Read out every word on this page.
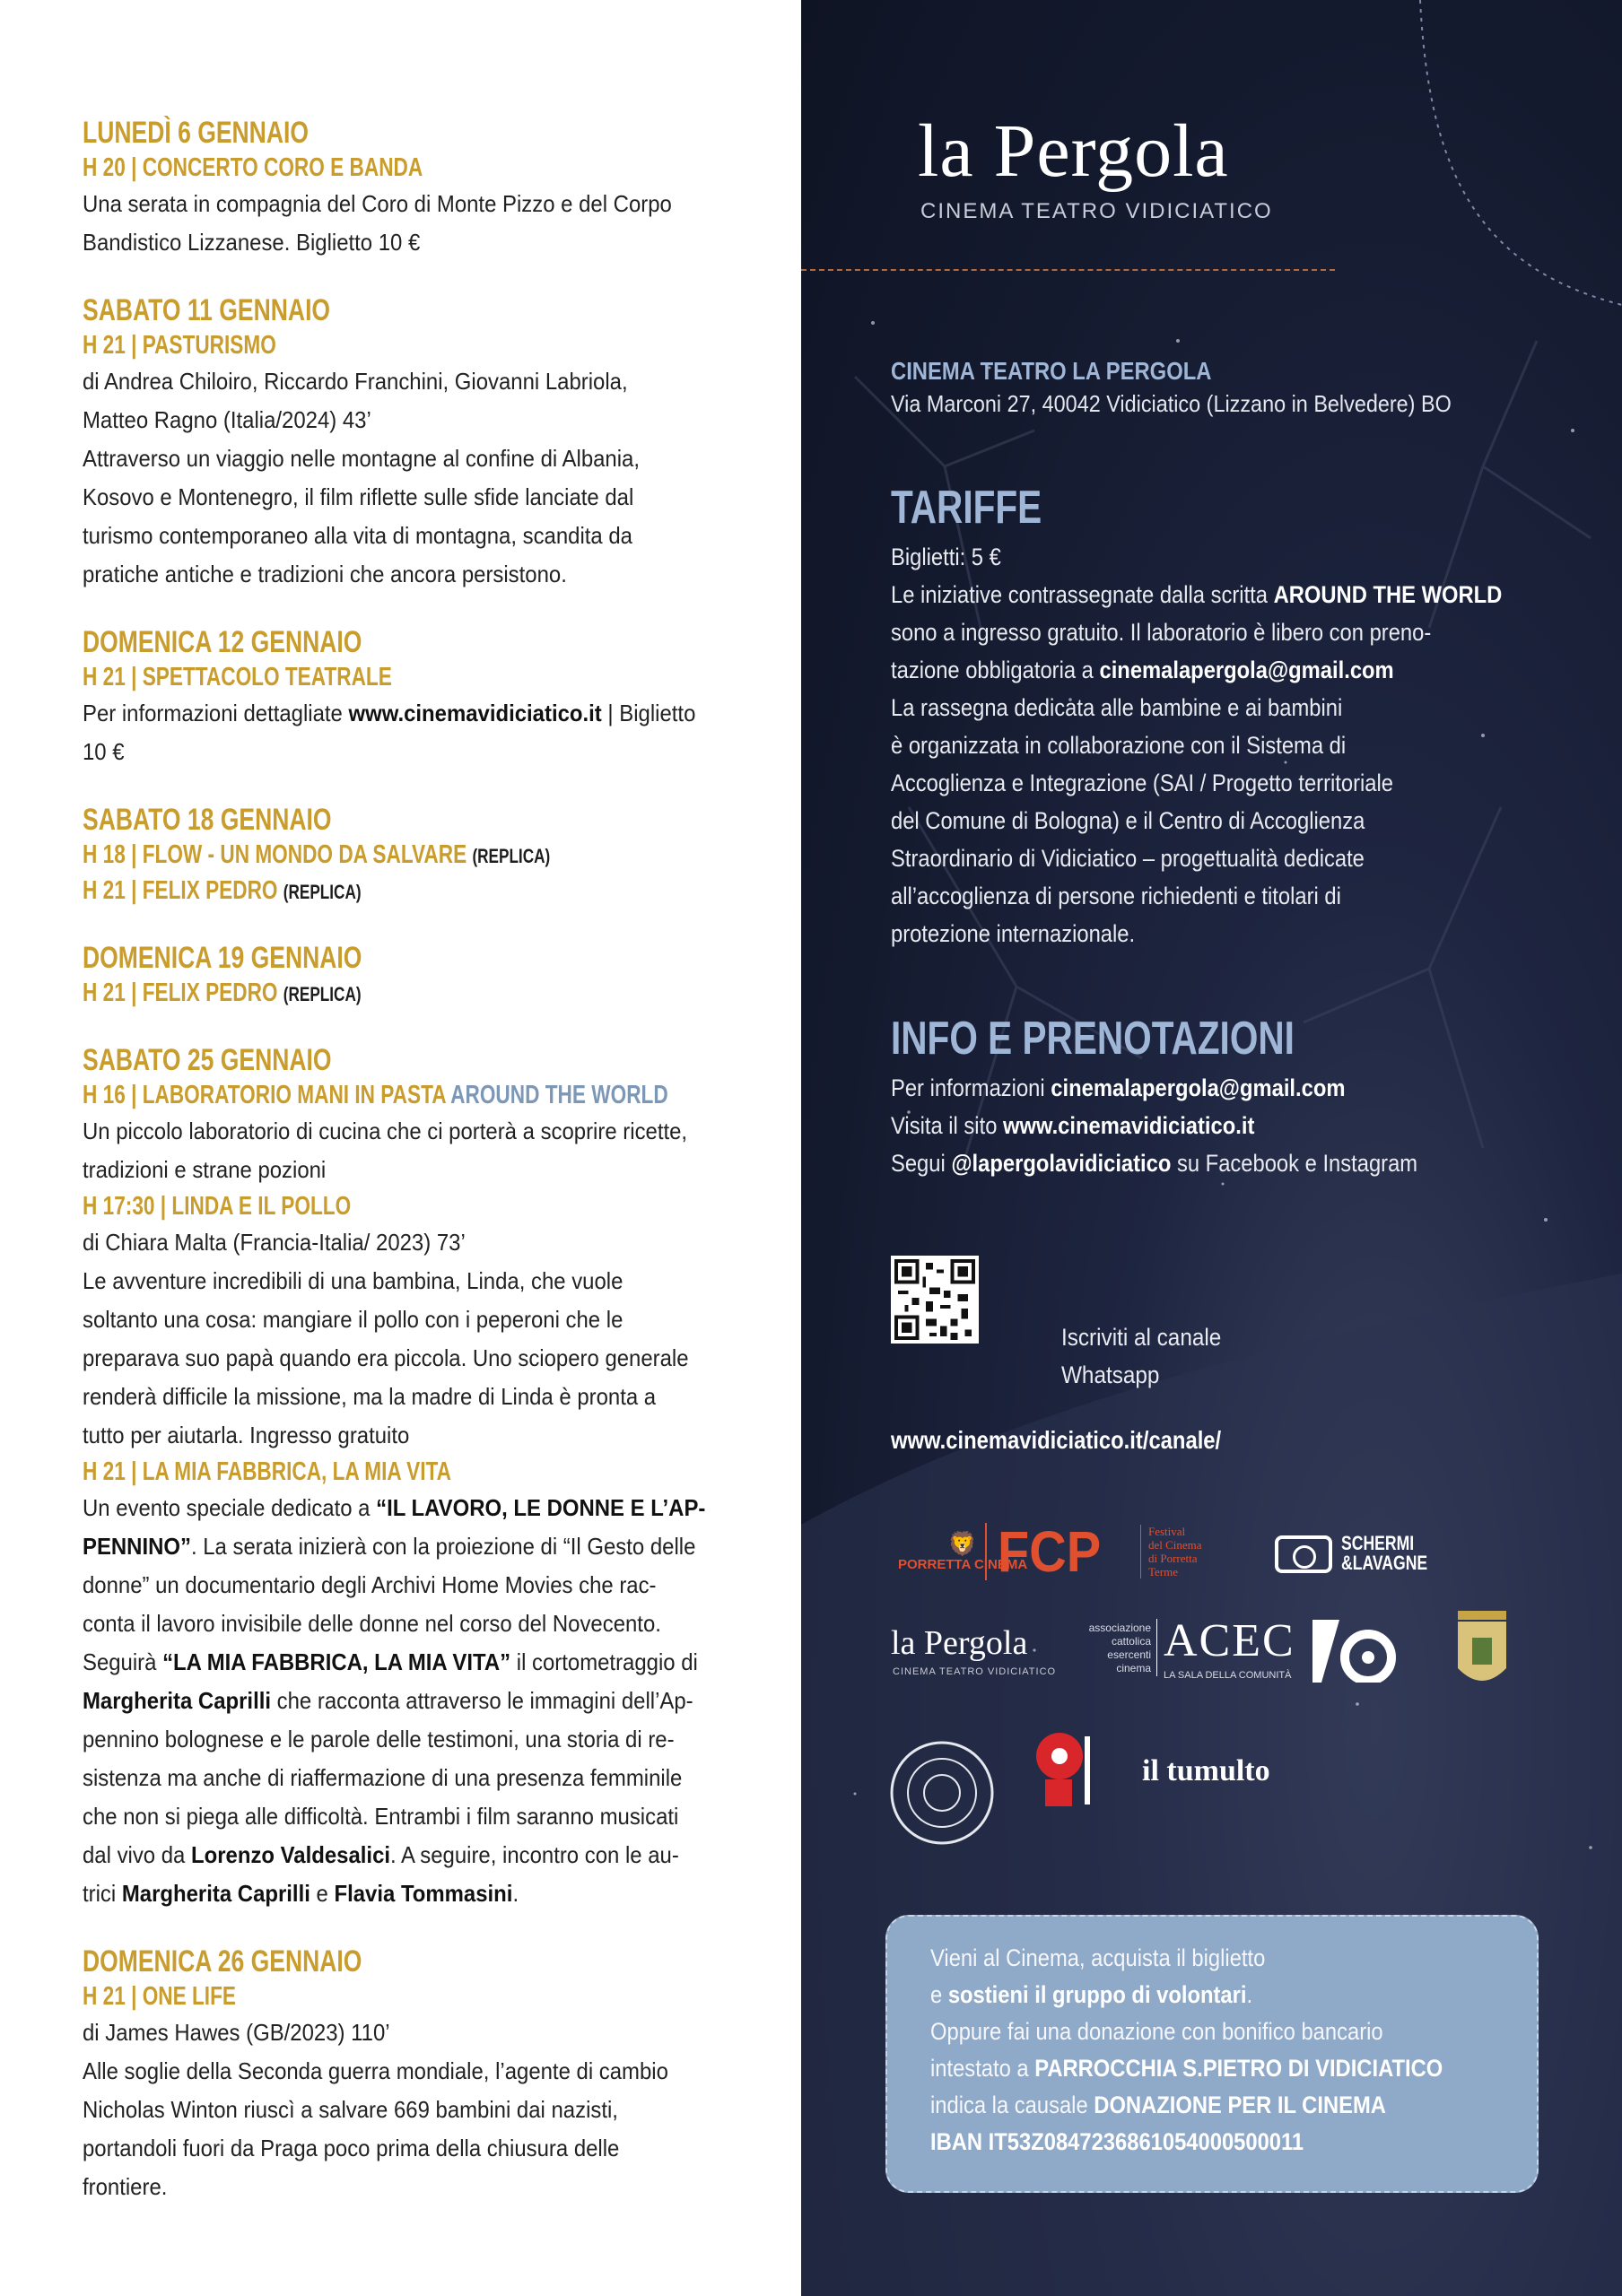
LUNEDÌ 6 GENNAIO
H 20 | CONCERTO CORO E BANDA
Una serata in compagnia del Coro di Monte Pizzo e del Corpo
Bandistico Lizzanese. Biglietto 10 €
SABATO 11 GENNAIO
H 21 | PASTURISMO
di Andrea Chiloiro, Riccardo Franchini, Giovanni Labriola,
Matteo Ragno (Italia/2024) 43’
Attraverso un viaggio nelle montagne al confine di Albania,
Kosovo e Montenegro, il film riflette sulle sfide lanciate dal
turismo contemporaneo alla vita di montagna, scandita da
pratiche antiche e tradizioni che ancora persistono.
DOMENICA 12 GENNAIO
H 21 | SPETTACOLO TEATRALE
Per informazioni dettagliate www.cinemavidiciatico.it | Biglietto
10 €
SABATO 18 GENNAIO
H 18 | FLOW - UN MONDO DA SALVARE (REPLICA)
H 21 | FELIX PEDRO (REPLICA)
DOMENICA 19 GENNAIO
H 21 | FELIX PEDRO (REPLICA)
SABATO 25 GENNAIO
H 16 | LABORATORIO MANI IN PASTA AROUND THE WORLD
Un piccolo laboratorio di cucina che ci porterà a scoprire ricette,
tradizioni e strane pozioni
H 17:30 | LINDA E IL POLLO
di Chiara Malta (Francia-Italia/ 2023) 73’
Le avventure incredibili di una bambina, Linda, che vuole
soltanto una cosa: mangiare il pollo con i peperoni che le
preparava suo papà quando era piccola. Uno sciopero generale
renderà difficile la missione, ma la madre di Linda è pronta a
tutto per aiutarla. Ingresso gratuito
H 21 | LA MIA FABBRICA, LA MIA VITA
Un evento speciale dedicato a “IL LAVORO, LE DONNE E L’AP-
PENNINO”. La serata inizierà con la proiezione di “Il Gesto delle
donne” un documentario degli Archivi Home Movies che rac-
conta il lavoro invisibile delle donne nel corso del Novecento.
Seguirà “LA MIA FABBRICA, LA MIA VITA” il cortometraggio di
Margherita Caprilli che racconta attraverso le immagini dell’Ap-
pennino bolognese e le parole delle testimoni, una storia di re-
sistenza ma anche di riaffermazione di una presenza femminile
che non si piega alle difficoltà. Entrambi i film saranno musicati
dal vivo da Lorenzo Valdesalici. A seguire, incontro con le au-
trici Margherita Caprilli e Flavia Tommasini.
DOMENICA 26 GENNAIO
H 21 | ONE LIFE
di James Hawes (GB/2023) 110’
Alle soglie della Seconda guerra mondiale, l’agente di cambio
Nicholas Winton riuscì a salvare 669 bambini dai nazisti,
portandoli fuori da Praga poco prima della chiusura delle
frontiere.
la Pergola
CINEMA TEATRO VIDICIATICO
CINEMA TEATRO LA PERGOLA
Via Marconi 27, 40042 Vidiciatico (Lizzano in Belvedere) BO
TARIFFE
Biglietti: 5 €
Le iniziative contrassegnate dalla scritta AROUND THE WORLD
sono a ingresso gratuito. Il laboratorio è libero con preno-
tazione obbligatoria a cinemalapergola@gmail.com
La rassegna dedicata alle bambine e ai bambini
è organizzata in collaborazione con il Sistema di
Accoglienza e Integrazione (SAI / Progetto territoriale
del Comune di Bologna) e il Centro di Accoglienza
Straordinario di Vidiciatico – progettualità dedicate
all’accoglienza di persone richiedenti e titolari di
protezione internazionale.
INFO E PRENOTAZIONI
Per informazioni cinemalapergola@gmail.com
Visita il sito www.cinemavidiciatico.it
Segui @lapergolavidiciatico su Facebook e Instagram
Iscriviti al canale
Whatsapp
www.cinemavidiciatico.it/canale/
🦁
PORRETTA CINEMA
FCP	Festival
del Cinema
di Porretta
Terme
SCHERMI
&LAVAGNE
la Pergola
CINEMA TEATRO VIDICIATICO
associazione
cattolica
esercenti
cinema
ACEC
LA SALA DELLA COMUNITÀ
il tumulto
Vieni al Cinema, acquista il biglietto
e sostieni il gruppo di volontari.
Oppure fai una donazione con bonifico bancario
intestato a PARROCCHIA S.PIETRO DI VIDICIATICO
indica la causale DONAZIONE PER IL CINEMA
IBAN IT53Z0847236861054000500011
